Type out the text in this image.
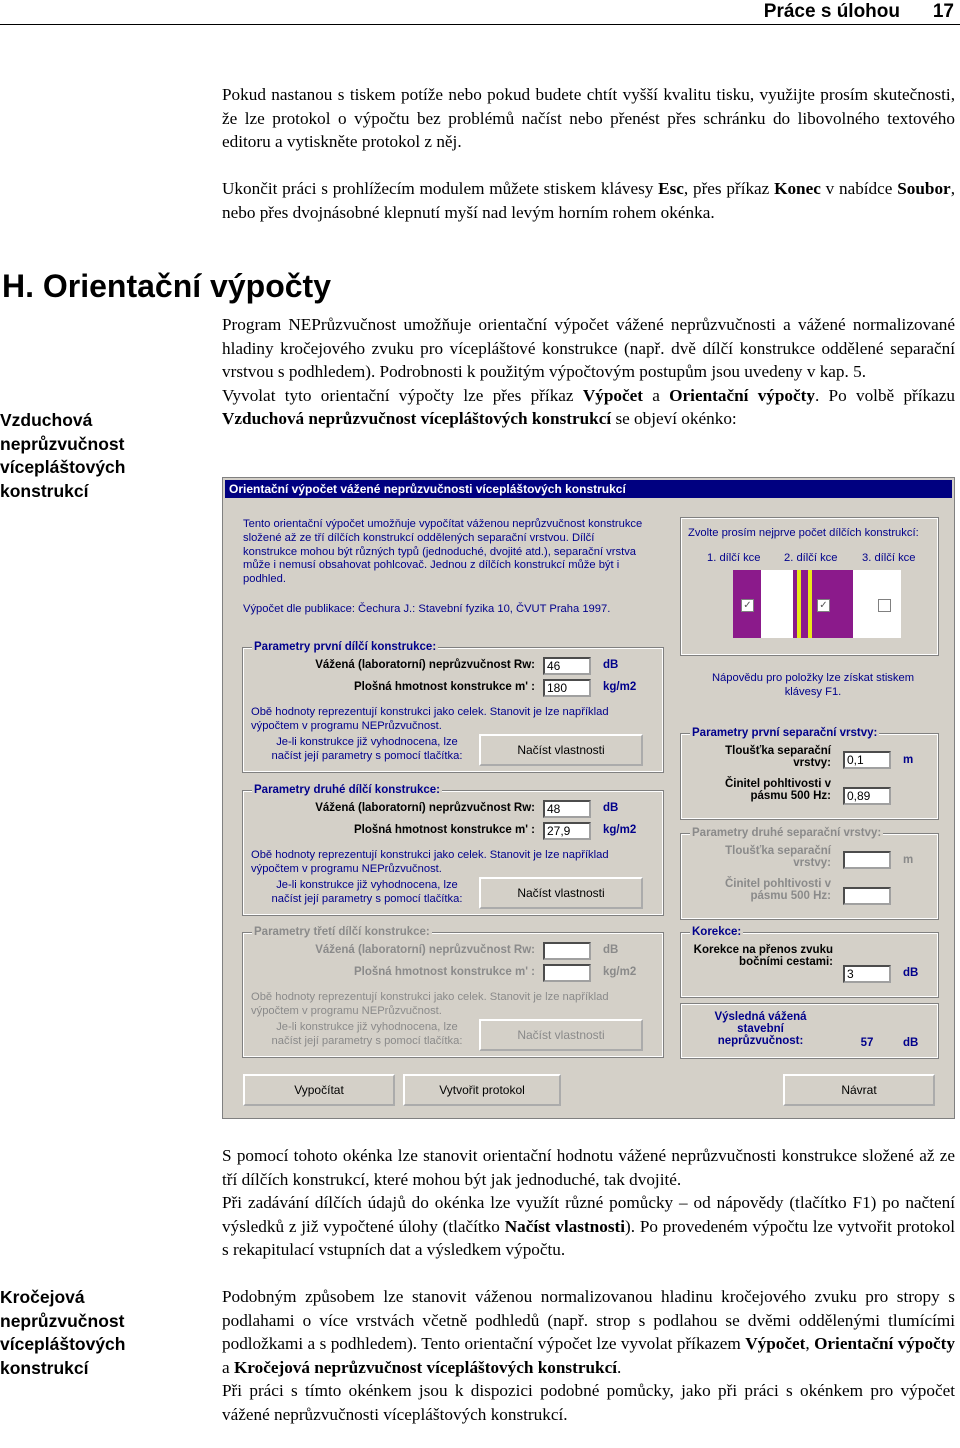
Práce s úlohou 17

Pokud nastanou s tiskem potíže nebo pokud budete chtít vyšší kvalitu tisku, využijte prosím skutečnosti, že lze protokol o výpočtu bez problémů načíst nebo přenést přes schránku do libovolného textového editoru a vytiskněte protokol z něj.

Ukončit práci s prohlížecím modulem můžete stiskem klávesy Esc, přes příkaz Konec v nabídce Soubor, nebo přes dvojnásobné klepnutí myší nad levým horním rohem okénka.

H. Orientační výpočty

Program NEPrůzvučnost umožňuje orientační výpočet vážené neprůzvučnosti a vážené normalizované hladiny kročejového zvuku pro vícepláštové konstrukce (např. dvě dílčí konstrukce oddělené separační vrstvou s podhledem). Podrobnosti k použitým výpočtovým postupům jsou uvedeny v kap. 5.

Vyvolat tyto orientační výpočty lze přes příkaz Výpočet a Orientační výpočty. Po volbě příkazu Vzduchová neprůzvučnost vícepláštových konstrukcí se objeví okénko:

Vzduchová
neprůzvučnost
vícepláštových
konstrukcí	Orientační výpočet vážené neprůzvučnosti vícepláštových konstrukcí
Tento orientační výpočet umožňuje vypočítat váženou neprůzvučnost konstrukce složené až ze tří dílčích konstrukcí oddělených separační vrstvou. Dílčí konstrukce mohou být různých typů (jednoduché, dvojité atd.), separační vrstva může i nemusí obsahovat pohlcovač. Jednou z dílčích konstrukcí může být i podhled.
Výpočet dle publikace: Čechura J.: Stavební fyzika 10, ČVUT Praha 1997.
Zvolte prosím nejprve počet dílčích konstrukcí:
1. dílčí kce 2. dílčí kce 3. dílčí kce
✓	✓
Nápovědu pro položky lze získat stiskem klávesy F1.
Parametry první dílčí konstrukce:
Vážená (laboratorní) neprůzvučnost Rw:	46	dB
Plošná hmotnost konstrukce m' :	180	kg/m2
Obě hodnoty reprezentují konstrukci jako celek. Stanovit je lze například výpočtem v programu NEPrůzvučnost.
Je-li konstrukce již vyhodnocena, lze načíst její parametry s pomocí tlačítka:	Načíst vlastnosti
Parametry druhé dílčí konstrukce:
Vážená (laboratorní) neprůzvučnost Rw:	48	dB
Plošná hmotnost konstrukce m' :	27,9	kg/m2
Obě hodnoty reprezentují konstrukci jako celek. Stanovit je lze například výpočtem v programu NEPrůzvučnost.
Je-li konstrukce již vyhodnocena, lze načíst její parametry s pomocí tlačítka:	Načíst vlastnosti
Parametry třetí dílčí konstrukce:
Vážená (laboratorní) neprůzvučnost Rw:	dB
Plošná hmotnost konstrukce m' :	kg/m2
Obě hodnoty reprezentují konstrukci jako celek. Stanovit je lze například výpočtem v programu NEPrůzvučnost.
Je-li konstrukce již vyhodnocena, lze načíst její parametry s pomocí tlačítka:	Načíst vlastnosti
Parametry první separační vrstvy:
Tloušťka separační vrstvy:	0,1	m
Činitel pohltivosti v pásmu 500 Hz:	0,89
Parametry druhé separační vrstvy:
Tloušťka separační vrstvy:	m
Činitel pohltivosti v pásmu 500 Hz:
Korekce:
Korekce na přenos zvuku bočními cestami:
3	dB
Výsledná vážená stavební neprůzvučnost:	57	dB
Vypočítat	Vytvořit protokol	Návrat

S pomocí tohoto okénka lze stanovit orientační hodnotu vážené neprůzvučnosti konstrukce složené až ze tří dílčích konstrukcí, které mohou být jak jednoduché, tak dvojité.

Při zadávání dílčích údajů do okénka lze využít různé pomůcky – od nápovědy (tlačítko F1) po načtení výsledků z již vypočtené úlohy (tlačítko Načíst vlastnosti). Po provedeném výpočtu lze vytvořit protokol s rekapitulací vstupních dat a výsledkem výpočtu.

Kročejová
neprůzvučnost
vícepláštových
konstrukcí

Podobným způsobem lze stanovit váženou normalizovanou hladinu kročejového zvuku pro stropy s podlahami o více vrstvách včetně podhledů (např. strop s podlahou se dvěmi oddělenými tlumícími podložkami a s podhledem). Tento orientační výpočet lze vyvolat příkazem Výpočet, Orientační výpočty a Kročejová neprůzvučnost vícepláštových konstrukcí.

Při práci s tímto okénkem jsou k dispozici podobné pomůcky, jako při práci s okénkem pro výpočet vážené neprůzvučnosti vícepláštových konstrukcí.
